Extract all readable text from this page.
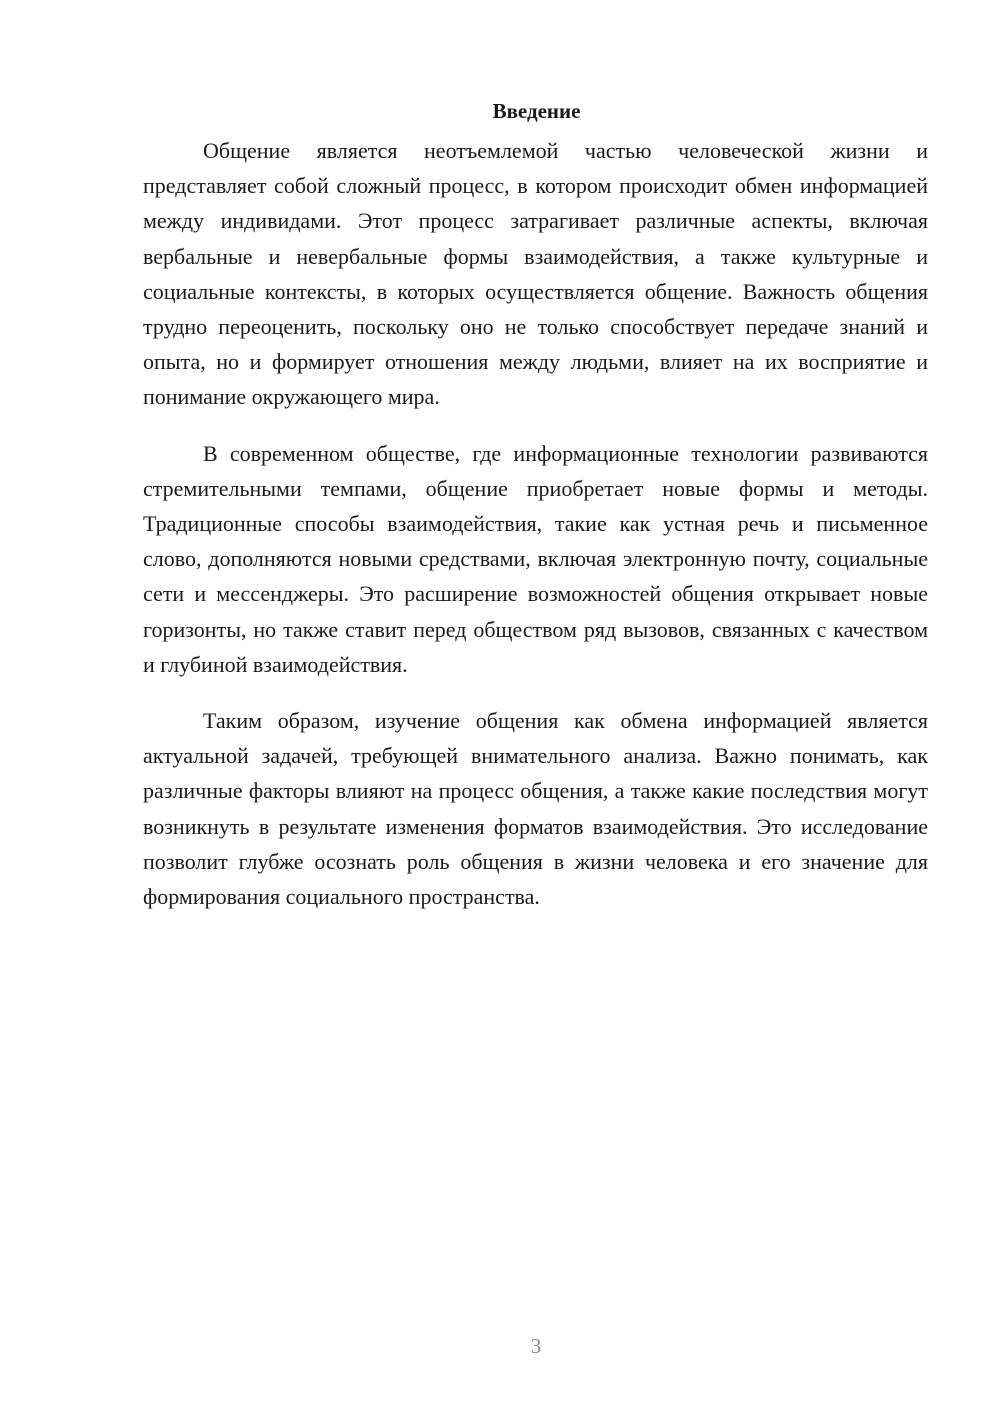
Введение

Общение является неотъемлемой частью человеческой жизни и представляет собой сложный процесс, в котором происходит обмен информацией между индивидами. Этот процесс затрагивает различные аспекты, включая вербальные и невербальные формы взаимодействия, а также культурные и социальные контексты, в которых осуществляется общение. Важность общения трудно переоценить, поскольку оно не только способствует передаче знаний и опыта, но и формирует отношения между людьми, влияет на их восприятие и понимание окружающего мира.

В современном обществе, где информационные технологии развиваются стремительными темпами, общение приобретает новые формы и методы. Традиционные способы взаимодействия, такие как устная речь и письменное слово, дополняются новыми средствами, включая электронную почту, социальные сети и мессенджеры. Это расширение возможностей общения открывает новые горизонты, но также ставит перед обществом ряд вызовов, связанных с качеством и глубиной взаимодействия.

Таким образом, изучение общения как обмена информацией является актуальной задачей, требующей внимательного анализа. Важно понимать, как различные факторы влияют на процесс общения, а также какие последствия могут возникнуть в результате изменения форматов взаимодействия. Это исследование позволит глубже осознать роль общения в жизни человека и его значение для формирования социального пространства.

3
